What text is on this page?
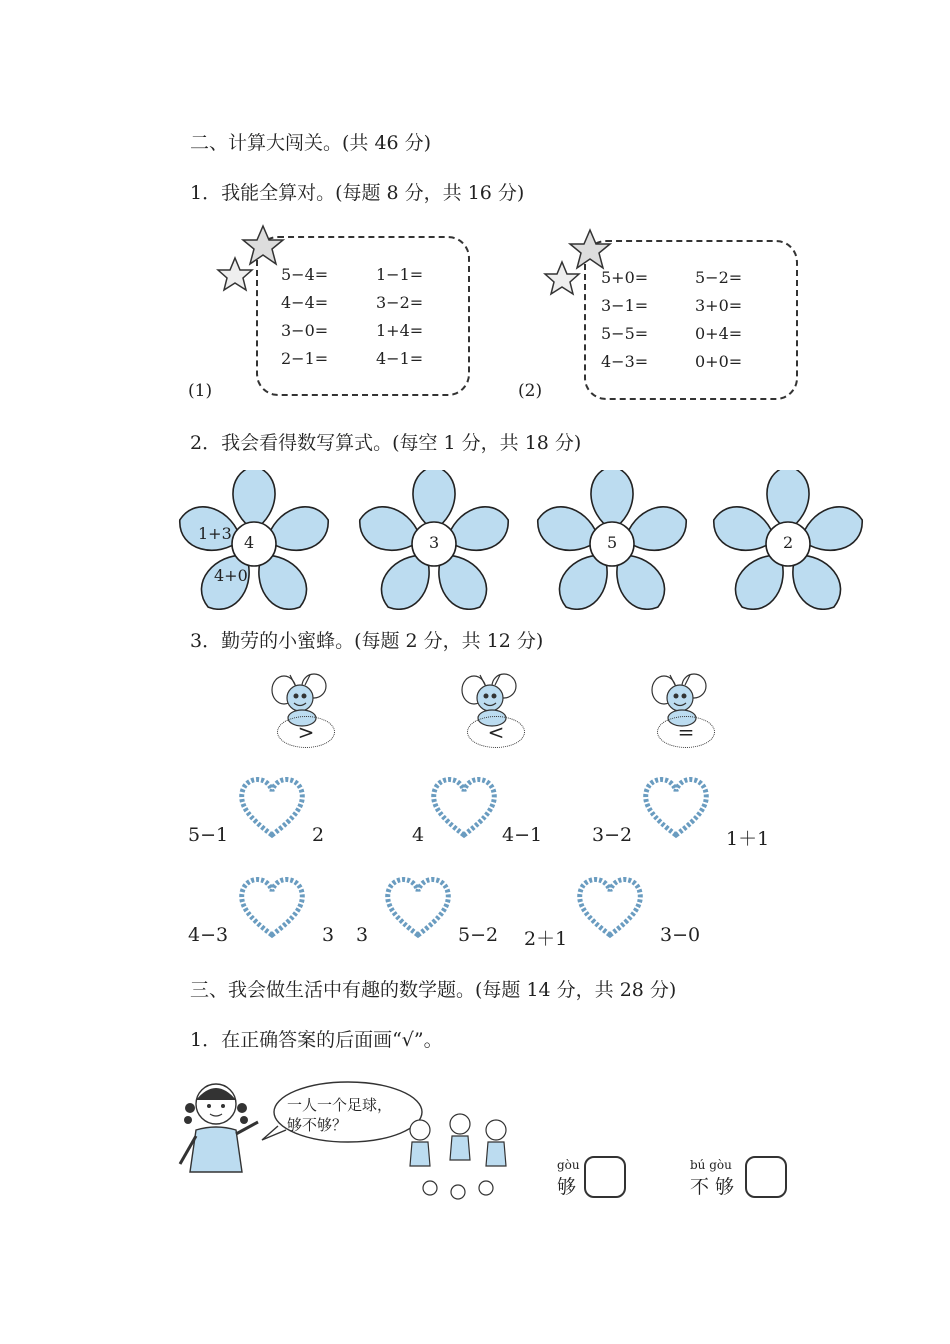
二、计算大闯关。(共 46 分)
1．我能全算对。(每题 8 分，共 16 分)
5−4=	1−1=
4−4=	3−2=
3−0=	1+4=
2−1=	4−1=
(1)
5+0=	5−2=
3−1=	3+0=
5−5=	0+4=
4−3=	0+0=
(2)
2．我会看得数写算式。(每空 1 分，共 18 分)
4
1+3
4+0
3	5	2
3．勤劳的小蜜蜂。(每题 2 分，共 12 分)
>	<	=
5−1	2	4	4−1	3−2	1＋1
4−3	3 3	5−2 2＋1	3−0
三、我会做生活中有趣的数学题。(每题 14 分，共 28 分)
1．在正确答案的后面画“√”。
一人一个足球，
够不够？
gòu
够
bú gòu
不 够
